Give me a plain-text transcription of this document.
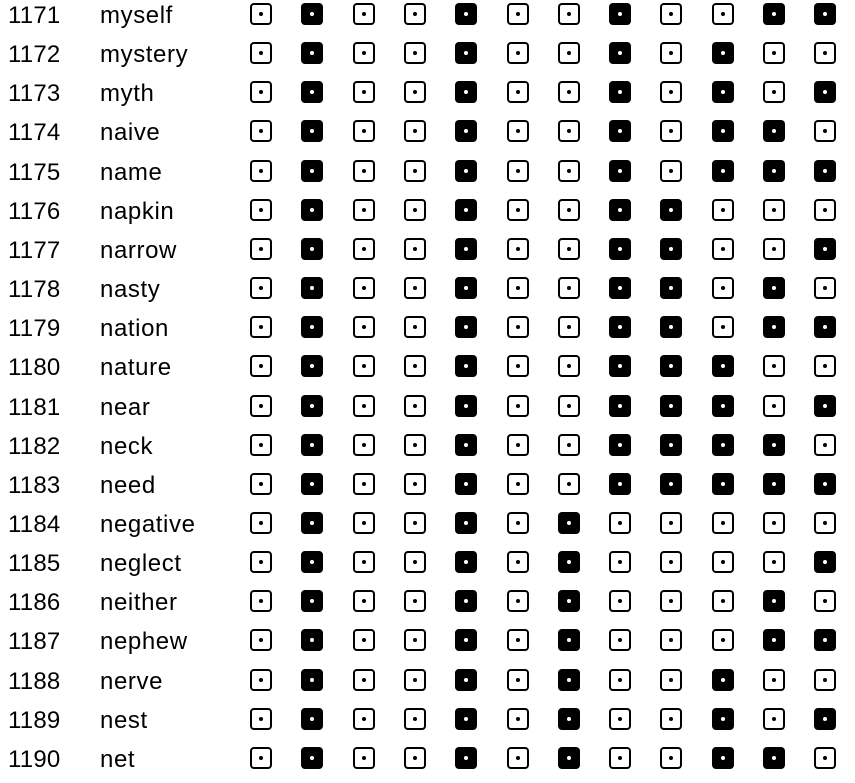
1171 myself
1172 mystery
1173 myth
1174 naive
1175 name
1176 napkin
1177 narrow
1178 nasty
1179 nation
1180 nature
1181 near
1182 neck
1183 need
1184 negative
1185 neglect
1186 neither
1187 nephew
1188 nerve
1189 nest
1190 net
